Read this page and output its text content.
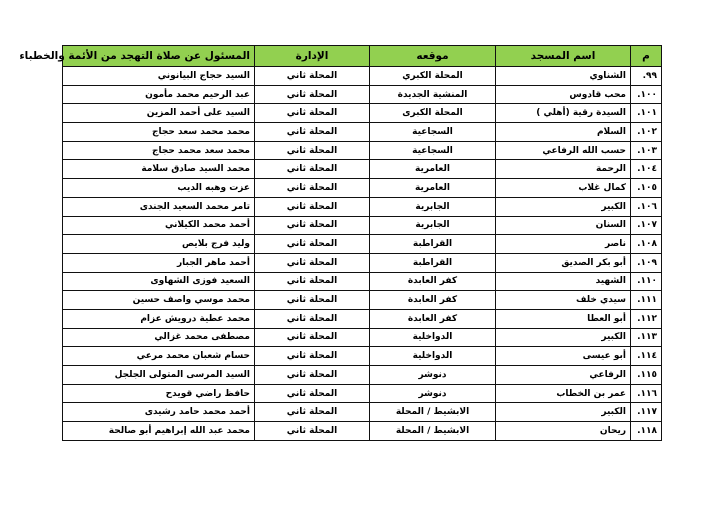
م	اسم المسجد	موقعه	الإدارة	المسئول عن صلاة التهجد من الأئمة والخطباء
٩٩.	الشناوي	المحلة الكبري	المحلة ثاني	السيد حجاج البيانوني
١٠٠.	محب قادوس	المنشية الجديدة	المحلة ثاني	عبد الرحيم محمد مأمون
١٠١.	السيدة رقية (أهلي )	المحلة الكبرى	المحلة ثاني	السيد على أحمد المزين
١٠٢.	السلام	السجاعية	المحلة ثاني	محمد محمد سعد حجاج
١٠٣.	حسب الله الرفاعي	السجاعية	المحلة ثاني	محمد سعد محمد حجاج
١٠٤.	الرحمة	العامرية	المحلة ثاني	محمد السيد صادق سلامة
١٠٥.	كمال غلاب	العامرية	المحلة ثاني	عزت وهبه الديب
١٠٦.	الكبير	الجابرية	المحلة ثاني	تامر محمد السعيد الجندى
١٠٧.	السنان	الجابرية	المحلة ثاني	أحمد محمد الكيلاني
١٠٨.	ناصر	القراطبة	المحلة ثاني	وليد فرج بلايص
١٠٩.	أبو بكر الصديق	القراطبة	المحلة ثاني	أحمد ماهر الجبار
١١٠.	الشهيد	كفر العابدة	المحلة ثاني	السعيد فوزى الشهاوى
١١١.	سيدي خلف	كفر العابدة	المحلة ثاني	محمد موسي واصف حسين
١١٢.	أبو العطا	كفر العابدة	المحلة ثاني	محمد عطية درويش عزام
١١٣.	الكبير	الدواخلية	المحلة ثاني	مصطفى محمد غزالي
١١٤.	أبو عيسى	الدواخلية	المحلة ثاني	حسام شعبان محمد مرعي
١١٥.	الرفاعي	دنوشر	المحلة ثاني	السيد المرسى المتولى الجلجل
١١٦.	عمر بن الخطاب	دنوشر	المحلة ثاني	حافظ راضي قويدح
١١٧.	الكبير	الابشيط / المحلة	المحلة ثاني	أحمد محمد حامد رشيدى
١١٨.	ريحان	الابشيط / المحلة	المحلة ثاني	محمد عبد الله إبراهيم أبو صالحة
